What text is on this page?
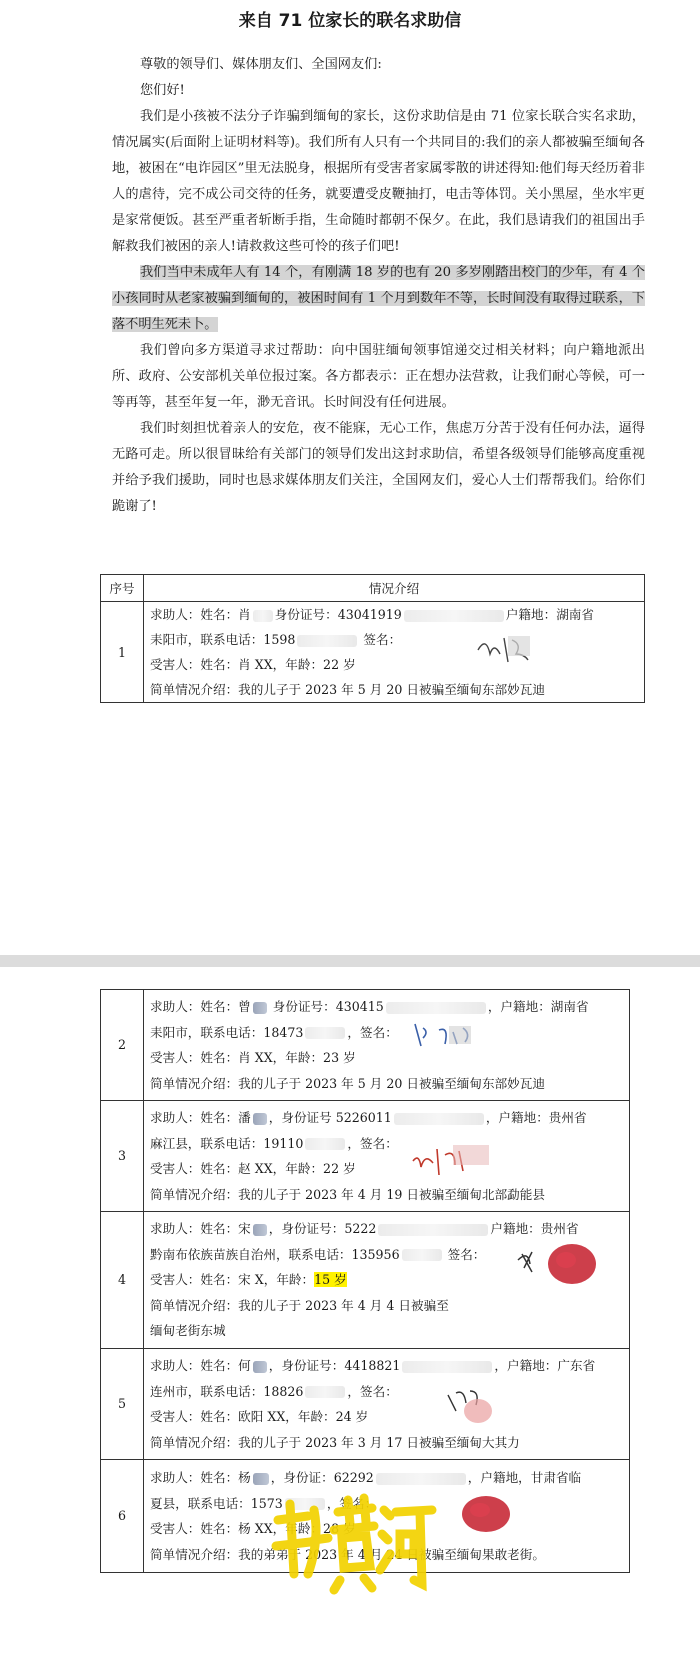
来自 71 位家长的联名求助信

尊敬的领导们、媒体朋友们、全国网友们:

您们好!

我们是小孩被不法分子诈骗到缅甸的家长，这份求助信是由 71 位家长联合实名求助，情况属实(后面附上证明材料等)。我们所有人只有一个共同目的:我们的亲人都被骗至缅甸各地，被困在“电诈园区”里无法脱身，根据所有受害者家属零散的讲述得知:他们每天经历着非人的虐待，完不成公司交待的任务，就要遭受皮鞭抽打，电击等体罚。关小黑屋，坐水牢更是家常便饭。甚至严重者斩断手指，生命随时都朝不保夕。在此，我们恳请我们的祖国出手解救我们被困的亲人!请救救这些可怜的孩子们吧!

我们当中未成年人有 14 个，有刚满 18 岁的也有 20 多岁刚踏出校门的少年，有 4 个小孩同时从老家被骗到缅甸的，被困时间有 1 个月到数年不等，长时间没有取得过联系，下落不明生死未卜。

我们曾向多方渠道寻求过帮助：向中国驻缅甸领事馆递交过相关材料；向户籍地派出所、政府、公安部机关单位报过案。各方都表示：正在想办法营救，让我们耐心等候，可一等再等，甚至年复一年，渺无音讯。长时间没有任何进展。

我们时刻担忧着亲人的安危，夜不能寐，无心工作，焦虑万分苦于没有任何办法，逼得无路可走。所以很冒昧给有关部门的领导们发出这封求助信，希望各级领导们能够高度重视并给予我们援助，同时也恳求媒体朋友们关注，全国网友们，爱心人士们帮帮我们。给你们跪谢了!

序号	情况介绍
1	求助人：姓名：肖 身份证号：43041919 户籍地：湖南省
耒阳市，联系电话：1598 签名：
受害人：姓名：肖 XX，年龄：22 岁
简单情况介绍：我的儿子于 2023 年 5 月 20 日被骗至缅甸东部妙瓦迪
2	求助人：姓名：曾 身份证号：430415 ，户籍地：湖南省
耒阳市，联系电话：18473 ，签名：
受害人：姓名：肖 XX，年龄：23 岁
简单情况介绍：我的儿子于 2023 年 5 月 20 日被骗至缅甸东部妙瓦迪

3	求助人：姓名：潘 ，身份证号 5226011 ，户籍地：贵州省
麻江县，联系电话：19110 ，签名：
受害人：姓名：赵 XX，年龄：22 岁
简单情况介绍：我的儿子于 2023 年 4 月 19 日被骗至缅甸北部勐能县

4	求助人：姓名：宋 ，身份证号：5222 户籍地：贵州省
黔南布依族苗族自治州，联系电话：135956 签名：
受害人：姓名：宋 X，年龄：15 岁
简单情况介绍：我的儿子于 2023 年 4 月 4 日被骗至
缅甸老街东城

5	求助人：姓名：何 ，身份证号：4418821 ，户籍地：广东省
连州市，联系电话：18826 ，签名：
受害人：姓名：欧阳 XX，年龄：24 岁
简单情况介绍：我的儿子于 2023 年 3 月 17 日被骗至缅甸大其力

6	求助人：姓名：杨 ，身份证：62292 ，户籍地，甘肃省临
夏县，联系电话：1573 ，签名：
受害人：姓名：杨 XX，年龄：28 岁
简单情况介绍：我的弟弟于 2023 年 4 月 24 日被骗至缅甸果敢老街。
